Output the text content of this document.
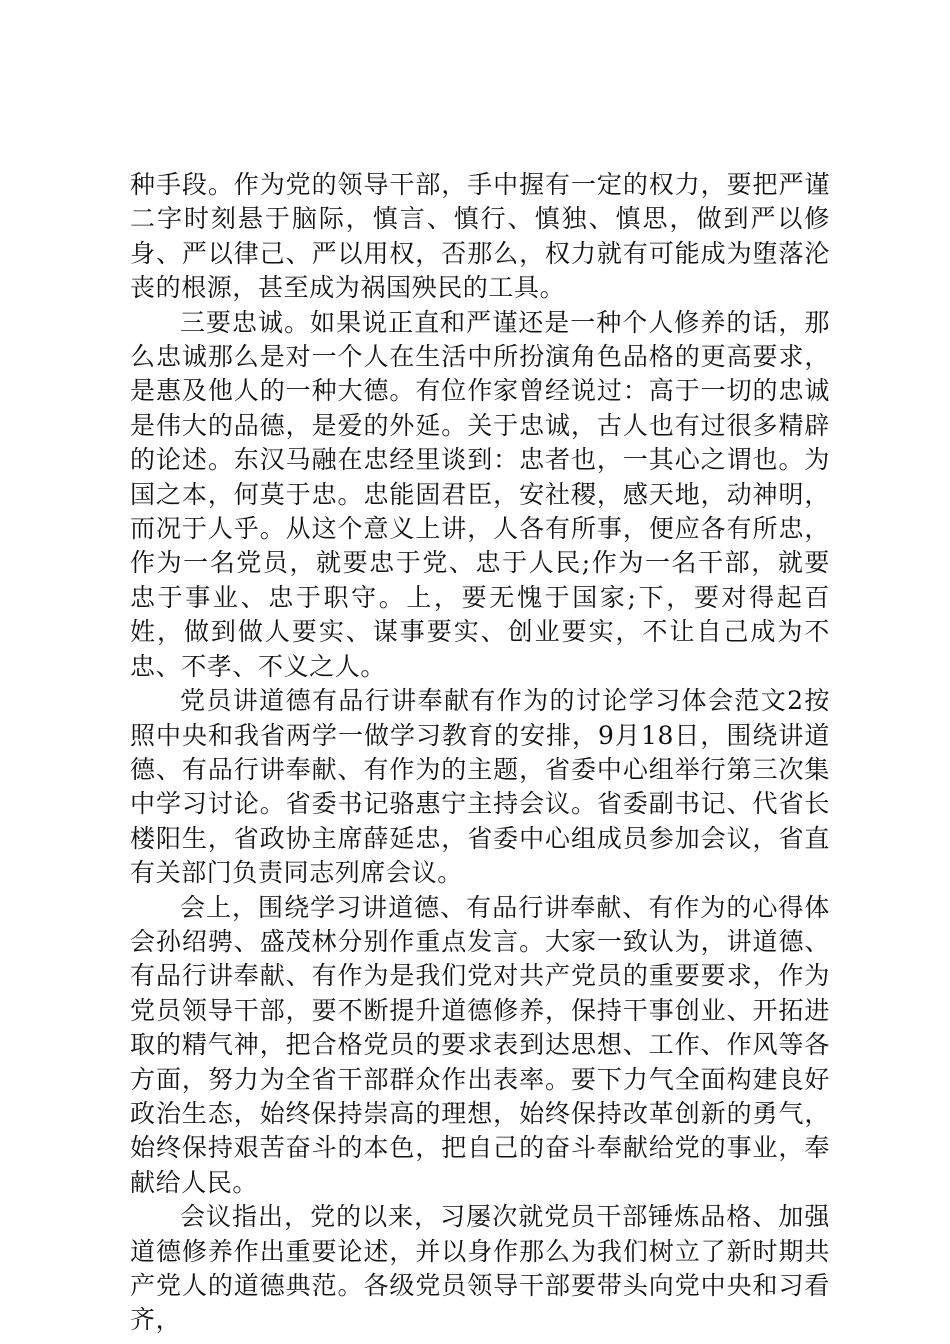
种手段。作为党的领导干部，手中握有一定的权力，要把严谨二字时刻悬于脑际，慎言、慎行、慎独、慎思，做到严以修身、严以律己、严以用权，否那么，权力就有可能成为堕落沦丧的根源，甚至成为祸国殃民的工具。

三要忠诚。如果说正直和严谨还是一种个人修养的话，那么忠诚那么是对一个人在生活中所扮演角色品格的更高要求，是惠及他人的一种大德。有位作家曾经说过：高于一切的忠诚是伟大的品德，是爱的外延。关于忠诚，古人也有过很多精辟的论述。东汉马融在忠经里谈到：忠者也，一其心之谓也。为国之本，何莫于忠。忠能固君臣，安社稷，感天地，动神明，而况于人乎。从这个意义上讲，人各有所事，便应各有所忠，作为一名党员，就要忠于党、忠于人民;作为一名干部，就要忠于事业、忠于职守。上，要无愧于国家;下，要对得起百姓，做到做人要实、谋事要实、创业要实，不让自己成为不忠、不孝、不义之人。

党员讲道德有品行讲奉献有作为的讨论学习体会范文2按照中央和我省两学一做学习教育的安排，9月18日，围绕讲道德、有品行讲奉献、有作为的主题，省委中心组举行第三次集中学习讨论。省委书记骆惠宁主持会议。省委副书记、代省长楼阳生，省政协主席薛延忠，省委中心组成员参加会议，省直有关部门负责同志列席会议。

会上，围绕学习讲道德、有品行讲奉献、有作为的心得体会孙绍骋、盛茂林分别作重点发言。大家一致认为，讲道德、有品行讲奉献、有作为是我们党对共产党员的重要要求，作为党员领导干部，要不断提升道德修养，保持干事创业、开拓进取的精气神，把合格党员的要求表到达思想、工作、作风等各方面，努力为全省干部群众作出表率。要下力气全面构建良好政治生态，始终保持崇高的理想，始终保持改革创新的勇气，始终保持艰苦奋斗的本色，把自己的奋斗奉献给党的事业，奉献给人民。

会议指出，党的以来，习屡次就党员干部锤炼品格、加强道德修养作出重要论述，并以身作那么为我们树立了新时期共产党人的道德典范。各级党员领导干部要带头向党中央和习看齐，
